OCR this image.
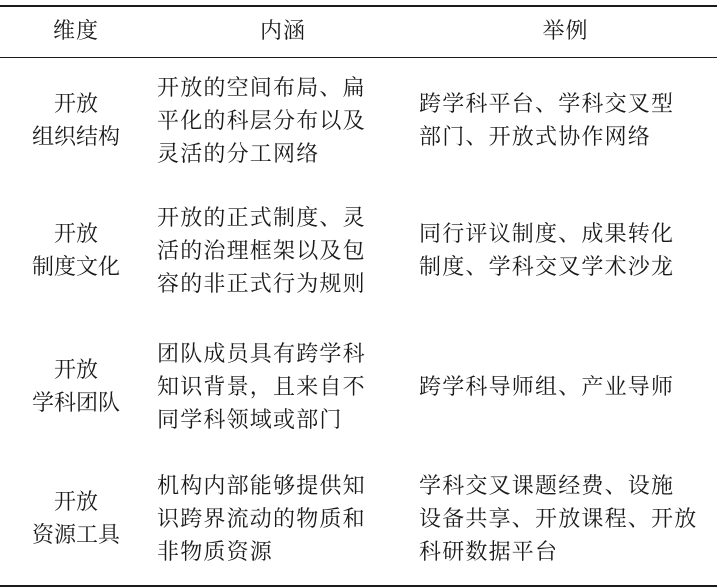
维度	内涵	举例
开放
组织结构
开放的空间布局、扁
平化的科层分布以及
灵活的分工网络
跨学科平台、学科交叉型
部门、开放式协作网络
开放
制度文化
开放的正式制度、灵
活的治理框架以及包
容的非正式行为规则
同行评议制度、成果转化
制度、学科交叉学术沙龙
开放
学科团队
团队成员具有跨学科
知识背景，且来自不
同学科领域或部门
跨学科导师组、产业导师
开放
资源工具
机构内部能够提供知
识跨界流动的物质和
非物质资源
学科交叉课题经费、设施
设备共享、开放课程、开放
科研数据平台
